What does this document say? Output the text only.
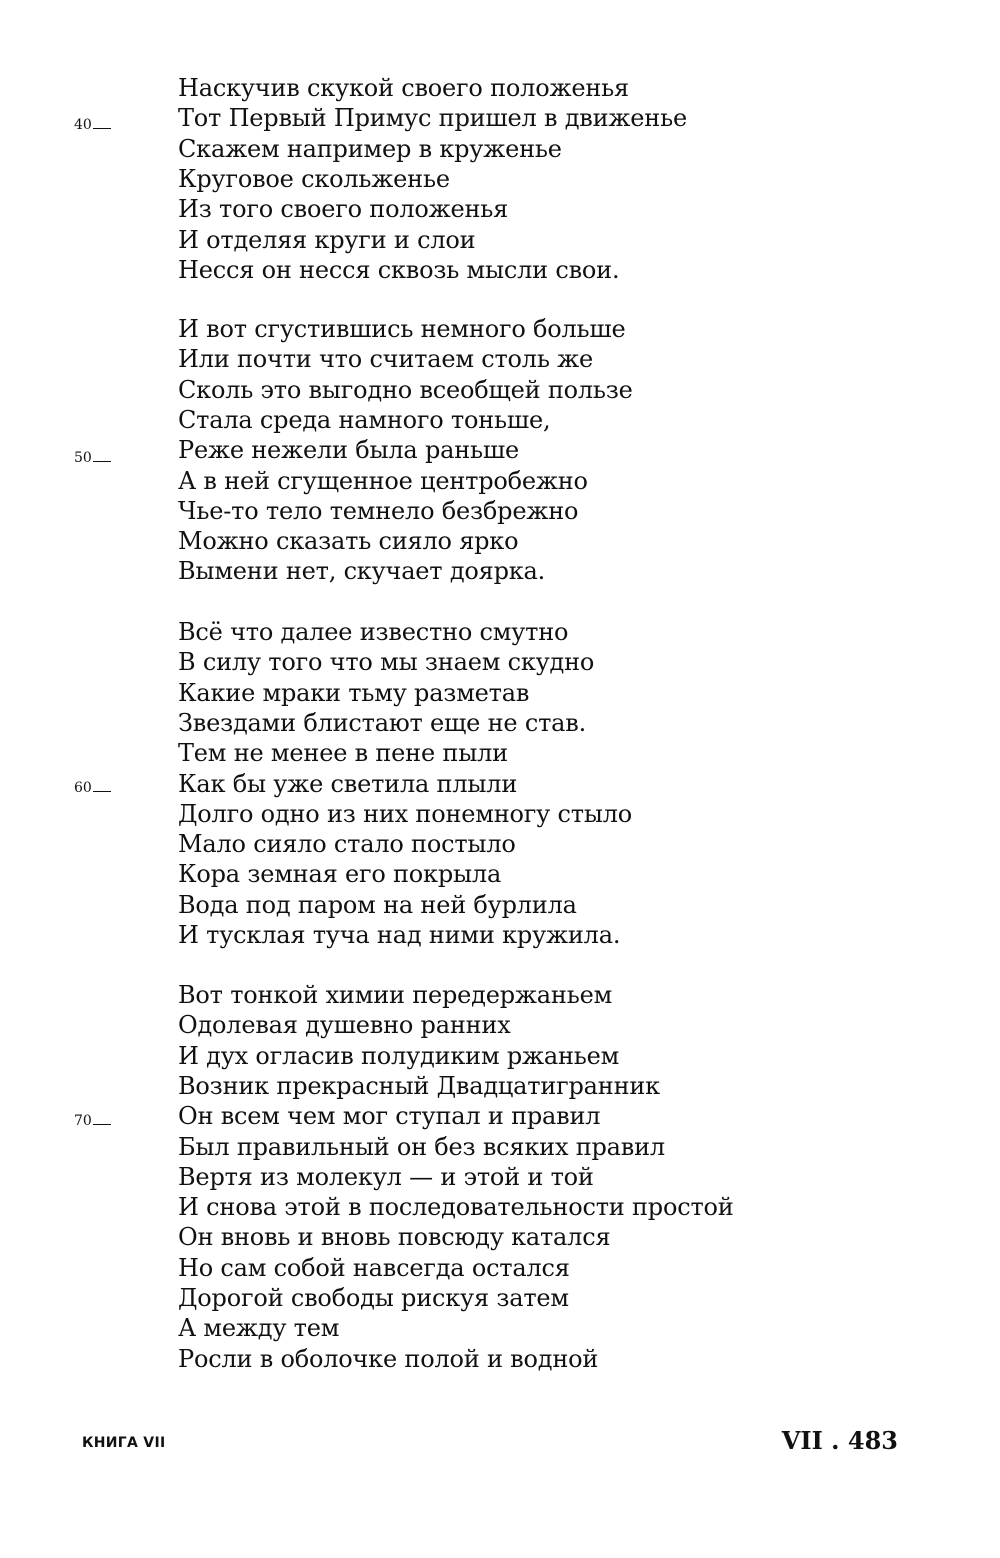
Наскучив скукой своего положенья
Тот Первый Примус пришел в движенье
Скажем например в круженье
Круговое скольженье
Из того своего положенья
И отделяя круги и слои
Несся он несся сквозь мысли свои.
И вот сгустившись немного больше
Или почти что считаем столь же
Сколь это выгодно всеобщей пользе
Стала среда намного тоньше,
Реже нежели была раньше
А в ней сгущенное центробежно
Чье-то тело темнело безбрежно
Можно сказать сияло ярко
Вымени нет, скучает доярка.
Всё что далее известно смутно
В силу того что мы знаем скудно
Какие мраки тьму разметав
Звездами блистают еще не став.
Тем не менее в пене пыли
Как бы уже светила плыли
Долго одно из них понемногу стыло
Мало сияло стало постыло
Кора земная его покрыла
Вода под паром на ней бурлила
И тусклая туча над ними кружила.
Вот тонкой химии передержаньем
Одолевая душевно ранних
И дух огласив полудиким ржаньем
Возник прекрасный Двадцатигранник
Он всем чем мог ступал и правил
Был правильный он без всяких правил
Вертя из молекул — и этой и той
И снова этой в последовательности простой
Он вновь и вновь повсюду катался
Но сам собой навсегда остался
Дорогой свободы рискуя затем
А между тем
Росли в оболочке полой и водной
40
50
60
70
КНИГА VII	VII . 483
